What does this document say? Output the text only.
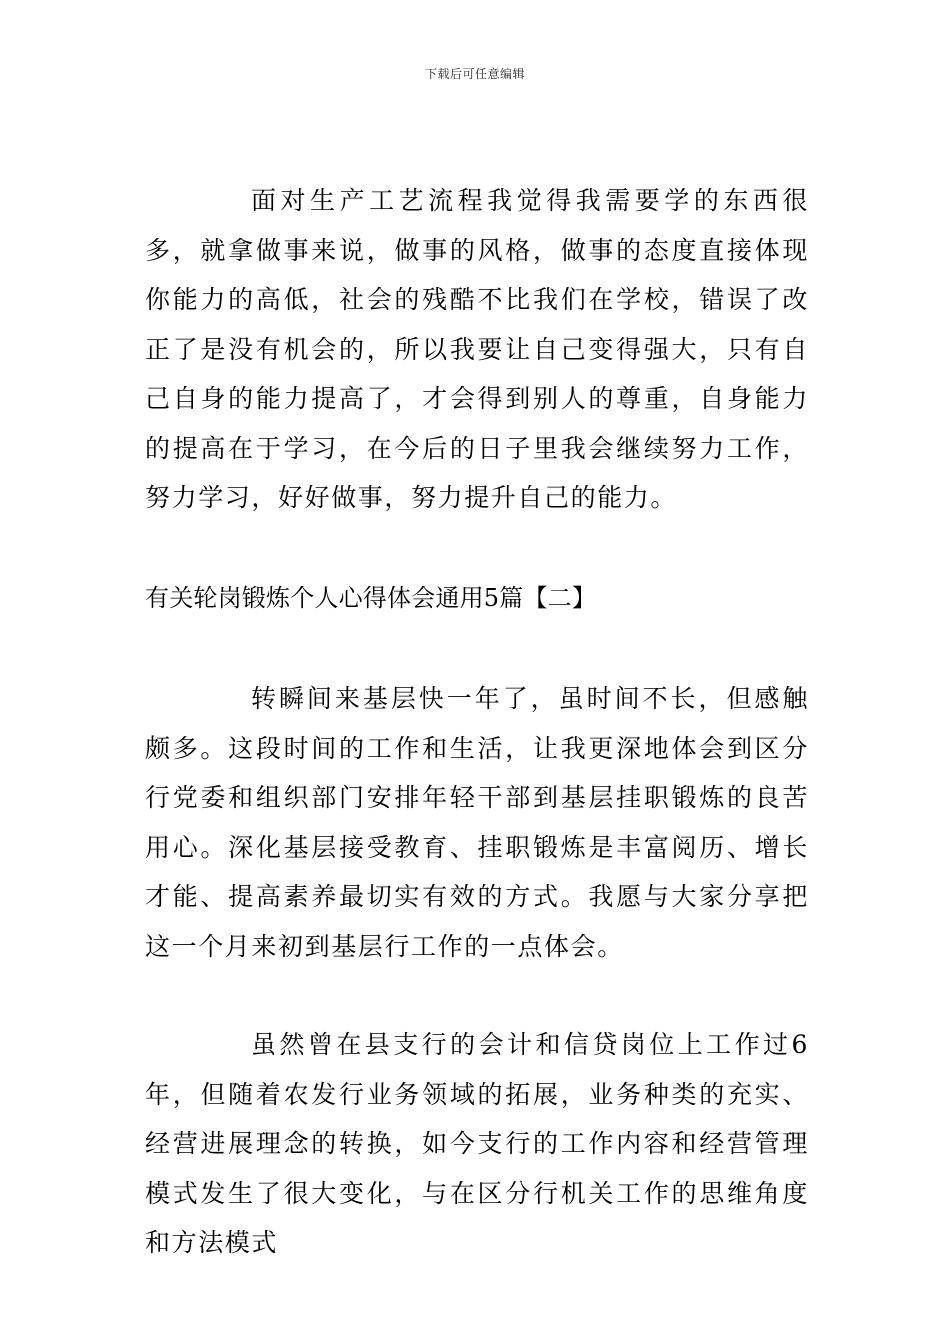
下载后可任意编辑

面对生产工艺流程我觉得我需要学的东西很多，就拿做事来说，做事的风格，做事的态度直接体现你能力的高低，社会的残酷不比我们在学校，错误了改正了是没有机会的，所以我要让自己变得强大，只有自己自身的能力提高了，才会得到别人的尊重，自身能力的提高在于学习，在今后的日子里我会继续努力工作，努力学习，好好做事，努力提升自己的能力。

有关轮岗锻炼个人心得体会通用5篇【二】

转瞬间来基层快一年了，虽时间不长，但感触颇多。这段时间的工作和生活，让我更深地体会到区分行党委和组织部门安排年轻干部到基层挂职锻炼的良苦用心。深化基层接受教育、挂职锻炼是丰富阅历、增长才能、提高素养最切实有效的方式。我愿与大家分享把这一个月来初到基层行工作的一点体会。

虽然曾在县支行的会计和信贷岗位上工作过6年，但随着农发行业务领域的拓展，业务种类的充实、经营进展理念的转换，如今支行的工作内容和经营管理模式发生了很大变化，与在区分行机关工作的思维角度和方法模式
